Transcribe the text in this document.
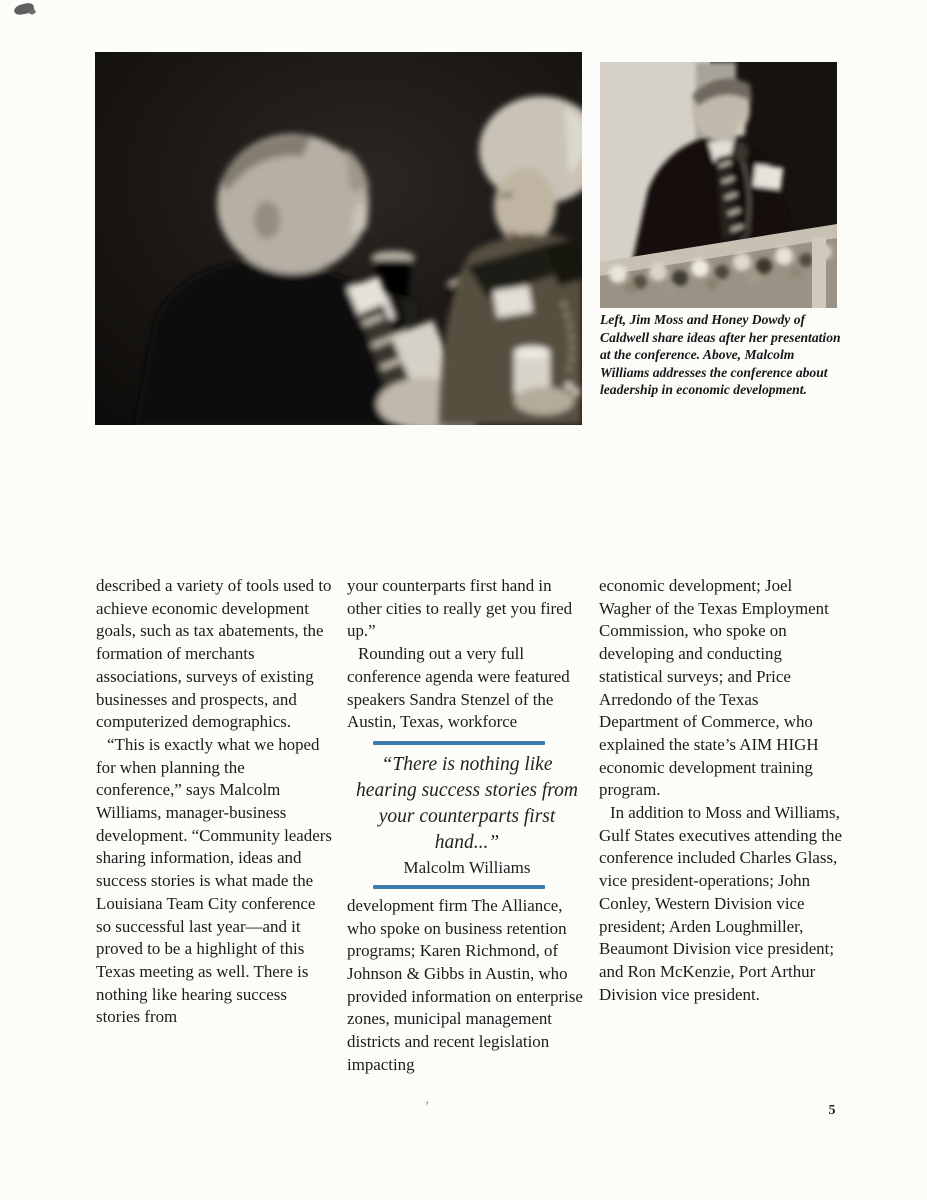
Left, Jim Moss and Honey Dowdy of Caldwell share ideas after her presentation at the conference. Above, Malcolm Williams addresses the conference about leadership in economic development.

described a variety of tools used to achieve economic development goals, such as tax abatements, the formation of merchants associations, surveys of existing businesses and prospects, and computerized demographics.

“This is exactly what we hoped for when planning the conference,” says Malcolm Williams, manager-business development. “Community leaders sharing information, ideas and success stories is what made the Louisiana Team City conference so successful last year—and it proved to be a highlight of this Texas meeting as well. There is nothing like hearing success stories from

your counterparts first hand in other cities to really get you fired up.”

Rounding out a very full conference agenda were featured speakers Sandra Stenzel of the Austin, Texas, workforce

“There is nothing like hearing success stories from your counterparts first hand...”

Malcolm Williams

development firm The Alliance, who spoke on business retention programs; Karen Richmond, of Johnson & Gibbs in Austin, who provided information on enterprise zones, municipal management districts and recent legislation impacting

economic development; Joel Wagher of the Texas Employment Commission, who spoke on developing and conducting statistical surveys; and Price Arredondo of the Texas Department of Commerce, who explained the state’s AIM HIGH economic development training program.

In addition to Moss and Williams, Gulf States executives attending the conference included Charles Glass, vice president-operations; John Conley, Western Division vice president; Arden Loughmiller, Beaumont Division vice president; and Ron McKenzie, Port Arthur Division vice president.

’	5
